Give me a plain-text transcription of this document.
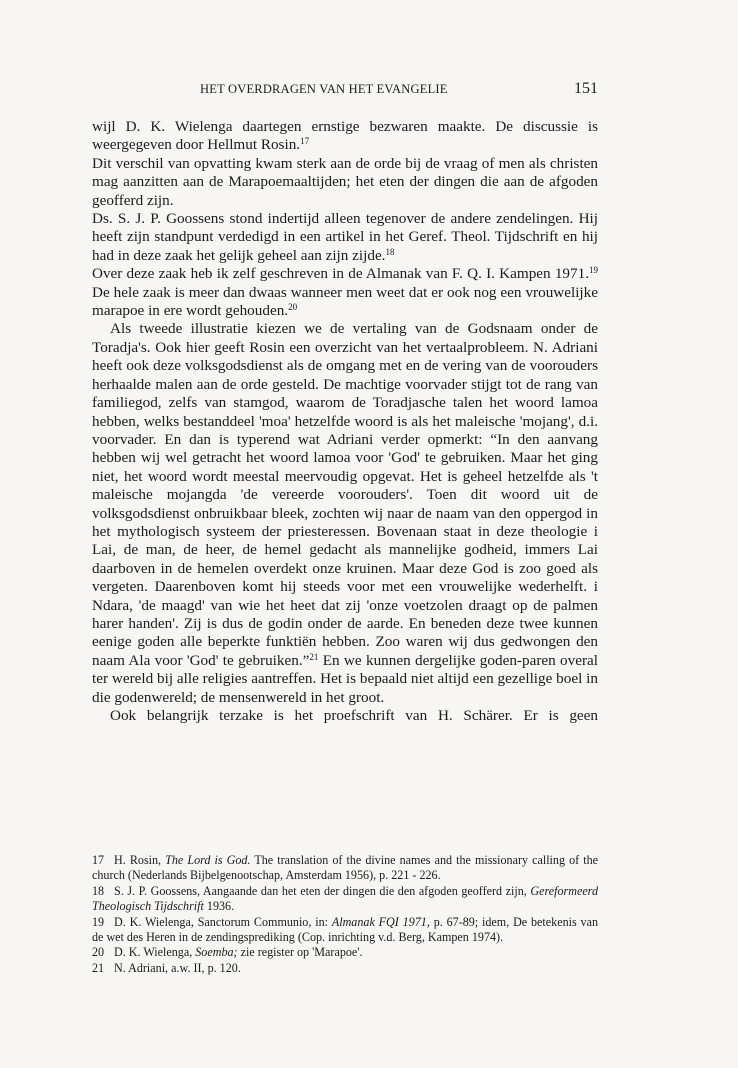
HET OVERDRAGEN VAN HET EVANGELIE	151

wijl D. K. Wielenga daartegen ernstige bezwaren maakte. De discussie is weergegeven door Hellmut Rosin.$^{17}$

Dit verschil van opvatting kwam sterk aan de orde bij de vraag of men als christen mag aanzitten aan de Marapoemaaltijden; het eten der dingen die aan de afgoden geofferd zijn.

Ds. S. J. P. Goossens stond indertijd alleen tegenover de andere zendelingen. Hij heeft zijn standpunt verdedigd in een artikel in het Geref. Theol. Tijdschrift en hij had in deze zaak het gelijk geheel aan zijn zijde.$^{18}$

Over deze zaak heb ik zelf geschreven in de Almanak van F. Q. I. Kampen 1971.19 De hele zaak is meer dan dwaas wanneer men weet dat er ook nog een vrouwelijke marapoe in ere wordt gehouden.$^{20}$

Als tweede illustratie kiezen we de vertaling van de Godsnaam onder de Toradja's. Ook hier geeft Rosin een overzicht van het vertaalprobleem. N. Adriani heeft ook deze volksgodsdienst als de omgang met en de vering van de voorouders herhaalde malen aan de orde gesteld. De machtige voorvader stijgt tot de rang van familiegod, zelfs van stamgod, waarom de Toradjasche talen het woord lamoa hebben, welks bestanddeel 'moa' hetzelfde woord is als het maleische 'mojang', d.i. voorvader. En dan is typerend wat Adriani verder opmerkt: “In den aanvang hebben wij wel getracht het woord lamoa voor 'God' te gebruiken. Maar het ging niet, het woord wordt meestal meervoudig opgevat. Het is geheel hetzelfde als 't maleische mojangda 'de vereerde voorouders'. Toen dit woord uit de volksgodsdienst onbruikbaar bleek, zochten wij naar de naam van den oppergod in het mythologisch systeem der priesteressen. Bovenaan staat in deze theologie i Lai, de man, de heer, de hemel gedacht als mannelijke godheid, immers Lai daarboven in de hemelen overdekt onze kruinen. Maar deze God is zoo goed als vergeten. Daarenboven komt hij steeds voor met een vrouwelijke wederhelft. i Ndara, 'de maagd' van wie het heet dat zij 'onze voetzolen draagt op de palmen harer handen'. Zij is dus de godin onder de aarde. En beneden deze twee kunnen eenige goden alle beperkte funktiën hebben. Zoo waren wij dus gedwongen den naam Ala voor 'God' te gebruiken.”$^{21}$ En we kunnen dergelijke goden-paren overal ter wereld bij alle religies aantreffen. Het is bepaald niet altijd een gezellige boel in die godenwereld; de mensenwereld in het groot.

Ook belangrijk terzake is het proefschrift van H. Schärer. Er is geen

17 H. Rosin, The Lord is God. The translation of the divine names and the missionary calling of the church (Nederlands Bijbelgenootschap, Amsterdam 1956), p. 221 - 226.
18 S. J. P. Goossens, Aangaande dan het eten der dingen die den afgoden geofferd zijn, Gereformeerd Theologisch Tijdschrift 1936.
19 D. K. Wielenga, Sanctorum Communio, in: Almanak FQI 1971, p. 67-89; idem, De betekenis van de wet des Heren in de zendingsprediking (Cop. inrichting v.d. Berg, Kampen 1974).
20 D. K. Wielenga, Soemba; zie register op 'Marapoe'.
21 N. Adriani, a.w. II, p. 120.
